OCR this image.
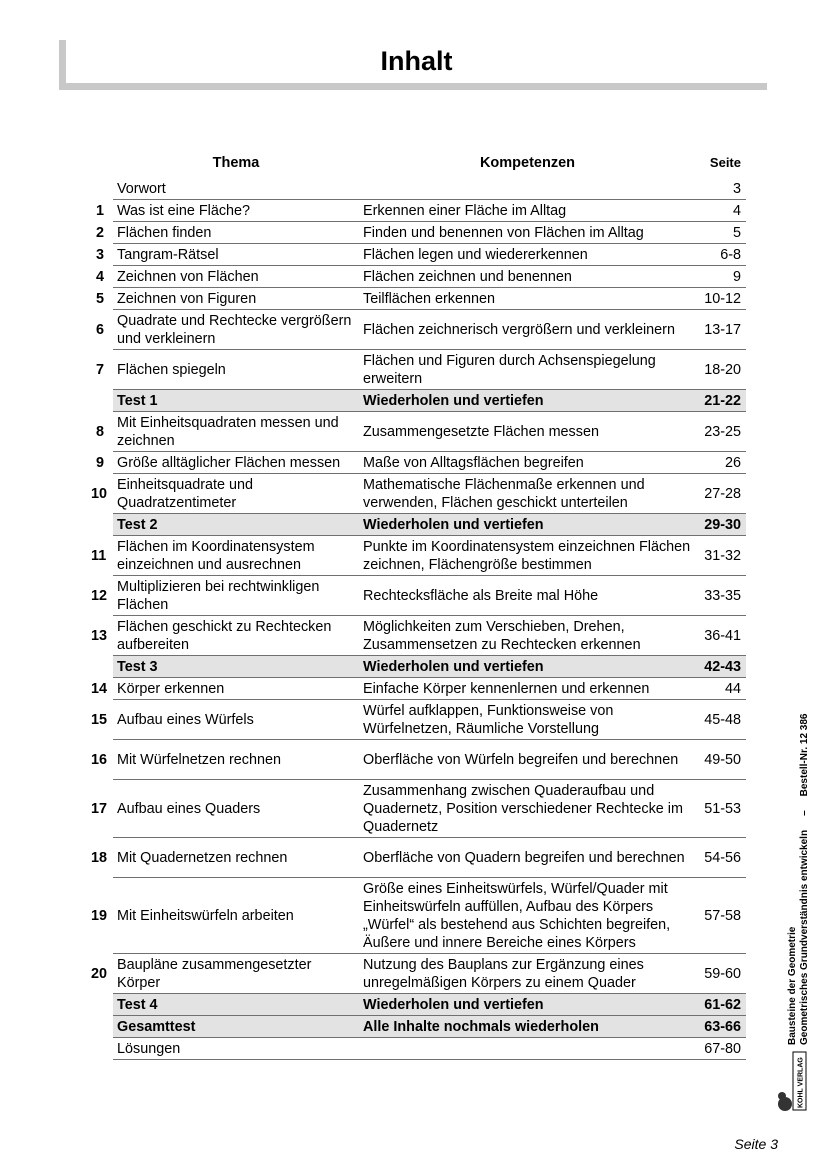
Inhalt
	Thema	Kompetenzen	Seite
	Vorwort		3
1	Was ist eine Fläche?	Erkennen einer Fläche im Alltag	4
2	Flächen finden	Finden und benennen von Flächen im Alltag	5
3	Tangram-Rätsel	Flächen legen und wiedererkennen	6-8
4	Zeichnen von Flächen	Flächen zeichnen und benennen	9
5	Zeichnen von Figuren	Teilflächen erkennen	10-12
6	Quadrate und Rechtecke vergrößern und verkleinern	Flächen zeichnerisch vergrößern und verkleinern	13-17
7	Flächen spiegeln	Flächen und Figuren durch Achsenspiegelung erweitern	18-20
	Test 1	Wiederholen und vertiefen	21-22
8	Mit Einheitsquadraten messen und zeichnen	Zusammengesetzte Flächen messen	23-25
9	Größe alltäglicher Flächen messen	Maße von Alltagsflächen begreifen	26
10	Einheitsquadrate und Quadratzentimeter	Mathematische Flächenmaße erkennen und verwenden, Flächen geschickt unterteilen	27-28
	Test 2	Wiederholen und vertiefen	29-30
11	Flächen im Koordinatensystem einzeichnen und ausrechnen	Punkte im Koordinatensystem einzeichnen Flächen zeichnen, Flächengröße bestimmen	31-32
12	Multiplizieren bei rechtwinkligen Flächen	Rechtecksfläche als Breite mal Höhe	33-35
13	Flächen geschickt zu Rechtecken aufbereiten	Möglichkeiten zum Verschieben, Drehen, Zusammensetzen zu Rechtecken erkennen	36-41
	Test 3	Wiederholen und vertiefen	42-43
14	Körper erkennen	Einfache Körper kennenlernen und erkennen	44
15	Aufbau eines Würfels	Würfel aufklappen, Funktionsweise von Würfelnetzen, Räumliche Vorstellung	45-48
16	Mit Würfelnetzen rechnen	Oberfläche von Würfeln begreifen und berechnen	49-50
17	Aufbau eines Quaders	Zusammenhang zwischen Quaderaufbau und Quadernetz, Position verschiedener Rechtecke im Quadernetz	51-53
18	Mit Quadernetzen rechnen	Oberfläche von Quadern begreifen und berechnen	54-56
19	Mit Einheitswürfeln arbeiten	Größe eines Einheitswürfels, Würfel/Quader mit Einheitswürfeln auffüllen, Aufbau des Körpers „Würfel“ als bestehend aus Schichten begreifen, Äußere und innere Bereiche eines Körpers	57-58
20	Baupläne zusammengesetzter Körper	Nutzung des Bauplans zur Ergänzung eines unregelmäßigen Körpers zu einem Quader	59-60
	Test 4	Wiederholen und vertiefen	61-62
	Gesamttest	Alle Inhalte nochmals wiederholen	63-66
	Lösungen		67-80
Bausteine der Geometrie Geometrisches Grundverständnis entwickeln
–
Bestell-Nr. 12 386
KOHL VERLAG
Seite 3
